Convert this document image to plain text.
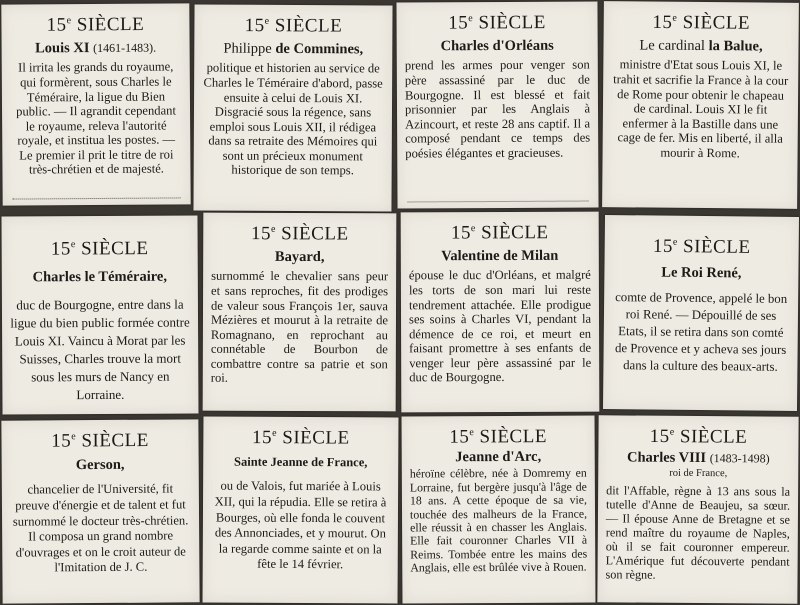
15e SIÈCLE
Louis XI (1461-1483).

Il irrita les grands du royaume, qui formèrent, sous Charles le Téméraire, la ligue du Bien public. — Il agrandit cependant le royaume, releva l'autorité royale, et institua les postes. — Le premier il prit le titre de roi très-chrétien et de majesté.

15e SIÈCLE
Philippe de Commines,

politique et historien au service de Charles le Téméraire d'abord, passe ensuite à celui de Louis XI. Disgracié sous la régence, sans emploi sous Louis XII, il rédigea dans sa retraite des Mémoires qui sont un précieux monument historique de son temps.

15e SIÈCLE
Charles d'Orléans

prend les armes pour venger son père assassiné par le duc de Bourgogne. Il est blessé et fait prisonnier par les Anglais à Azincourt, et reste 28 ans captif. Il a composé pendant ce temps des poésies élégantes et gracieuses.

15e SIÈCLE
Le cardinal la Balue,

ministre d'Etat sous Louis XI, le trahit et sacrifie la France à la cour de Rome pour obtenir le chapeau de cardinal. Louis XI le fit enfermer à la Bastille dans une cage de fer. Mis en liberté, il alla mourir à Rome.

15e SIÈCLE
Charles le Téméraire,

duc de Bourgogne, entre dans la ligue du bien public formée contre Louis XI. Vaincu à Morat par les Suisses, Charles trouve la mort sous les murs de Nancy en Lorraine.

15e SIÈCLE
Bayard,

surnommé le chevalier sans peur et sans reproches, fit des prodiges de valeur sous François 1er, sauva Mézières et mourut à la retraite de Romagnano, en reprochant au connétable de Bourbon de combattre contre sa patrie et son roi.

15e SIÈCLE
Valentine de Milan

épouse le duc d'Orléans, et malgré les torts de son mari lui reste tendrement attachée. Elle prodigue ses soins à Charles VI, pendant la démence de ce roi, et meurt en faisant promettre à ses enfants de venger leur père assassiné par le duc de Bourgogne.

15e SIÈCLE
Le Roi René,

comte de Provence, appelé le bon roi René. — Dépouillé de ses Etats, il se retira dans son comté de Provence et y acheva ses jours dans la culture des beaux-arts.

15e SIÈCLE
Gerson,

chancelier de l'Université, fit preuve d'énergie et de talent et fut surnommé le docteur très-chrétien. Il composa un grand nombre d'ouvrages et on le croit auteur de l'Imitation de J. C.

15e SIÈCLE
Sainte Jeanne de France,

ou de Valois, fut mariée à Louis XII, qui la répudia. Elle se retira à Bourges, où elle fonda le couvent des Annonciades, et y mourut. On la regarde comme sainte et on la fête le 14 février.

15e SIÈCLE
Jeanne d'Arc,

héroïne célèbre, née à Domremy en Lorraine, fut bergère jusqu'à l'âge de 18 ans. A cette époque de sa vie, touchée des malheurs de la France, elle réussit à en chasser les Anglais. Elle fait couronner Charles VII à Reims. Tombée entre les mains des Anglais, elle est brûlée vive à Rouen.

15e SIÈCLE
Charles VIII (1483-1498)
roi de France,

dit l'Affable, règne à 13 ans sous la tutelle d'Anne de Beaujeu, sa sœur. — Il épouse Anne de Bretagne et se rend maître du royaume de Naples, où il se fait couronner empereur. L'Amérique fut découverte pendant son règne.
